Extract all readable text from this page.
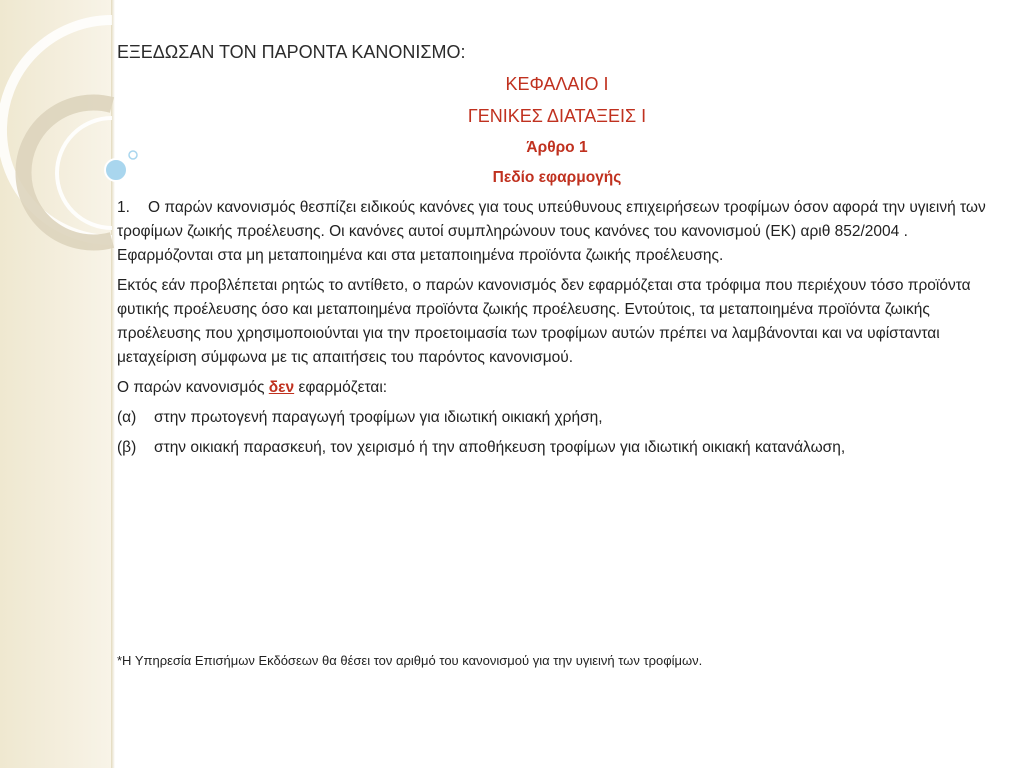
ΕΞΕΔΩΣΑΝ ΤΟΝ ΠΑΡΟΝΤΑ ΚΑΝΟΝΙΣΜΟ:

ΚΕΦΑΛΑΙΟ Ι

ΓΕΝΙΚΕΣ ΔΙΑΤΑΞΕΙΣ Ι

Άρθρο 1

Πεδίο εφαρμογής

1. Ο παρών κανονισμός θεσπίζει ειδικούς κανόνες για τους υπεύθυνους επιχειρήσεων τροφίμων όσον αφορά την υγιεινή των τροφίμων ζωικής προέλευσης. Οι κανόνες αυτοί συμπληρώνουν τους κανόνες του κανονισμού (ΕΚ) αριθ 852/2004 . Εφαρμόζονται στα μη μεταποιημένα και στα μεταποιημένα προϊόντα ζωικής προέλευσης.

Εκτός εάν προβλέπεται ρητώς το αντίθετο, ο παρών κανονισμός δεν εφαρμόζεται στα τρόφιμα που περιέχουν τόσο προϊόντα φυτικής προέλευσης όσο και μεταποιημένα προϊόντα ζωικής προέλευσης. Εντούτοις, τα μεταποιημένα προϊόντα ζωικής προέλευσης που χρησιμοποιούνται για την προετοιμασία των τροφίμων αυτών πρέπει να λαμβάνονται και να υφίστανται μεταχείριση σύμφωνα με τις απαιτήσεις του παρόντος κανονισμού.

Ο παρών κανονισμός δεν εφαρμόζεται:

(α) στην πρωτογενή παραγωγή τροφίμων για ιδιωτική οικιακή χρήση,

(β) στην οικιακή παρασκευή, τον χειρισμό ή την αποθήκευση τροφίμων για ιδιωτική οικιακή κατανάλωση,

*Η Υπηρεσία Επισήμων Εκδόσεων θα θέσει τον αριθμό του κανονισμού για την υγιεινή των τροφίμων.
